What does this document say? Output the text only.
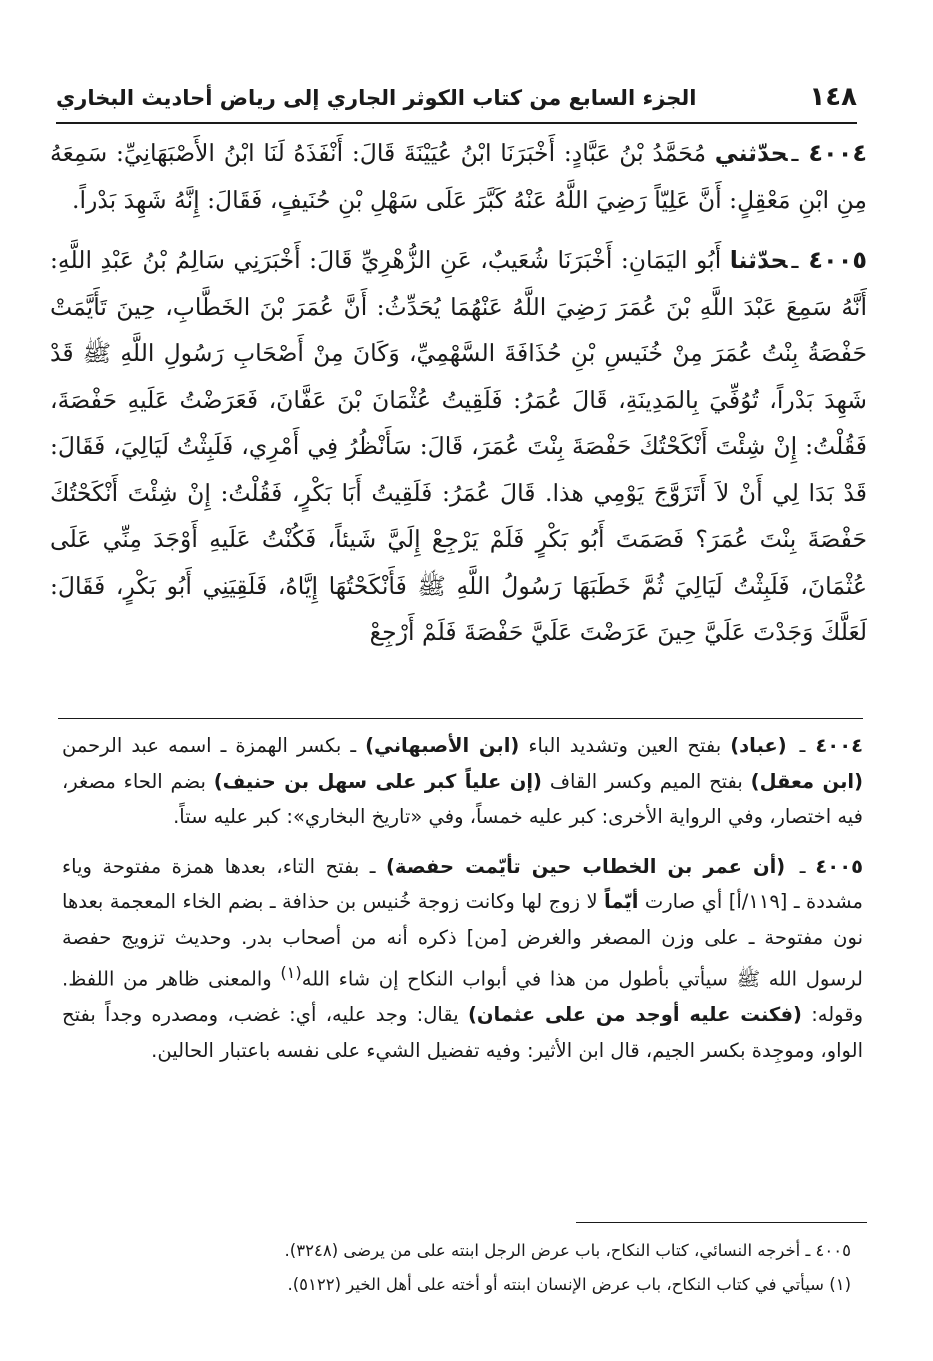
١٤٨
الجزء السابع من كتاب الكوثر الجاري إلى رياض أحاديث البخاري

٤٠٠٤ـحدّثني مُحَمَّدُ بْنُ عَبَّادٍ: أَخْبَرَنَا ابْنُ عُيَيْنَةَ قَالَ: أَنْفَذَهُ لَنَا ابْنُ الأَصْبَهَانِيِّ: سَمِعَهُ مِنِ ابْنِ مَعْقِلٍ: أَنَّ عَلِيّاً رَضِيَ اللَّهُ عَنْهُ كَبَّرَ عَلَى سَهْلِ بْنِ حُنَيفٍ، فَقَالَ: إِنَّهُ شَهِدَ بَدْراً.

٤٠٠٥ـحدّثنا أَبُو اليَمَانِ: أَخْبَرَنَا شُعَيبٌ، عَنِ الزُّهْرِيِّ قَالَ: أَخْبَرَنِي سَالِمُ بْنُ عَبْدِ اللَّهِ: أَنَّهُ سَمِعَ عَبْدَ اللَّهِ بْنَ عُمَرَ رَضِيَ اللَّهُ عَنْهُمَا يُحَدِّثُ: أَنَّ عُمَرَ بْنَ الخَطَّابِ، حِينَ تَأَيَّمَتْ حَفْصَةُ بِنْتُ عُمَرَ مِنْ خُنَيسِ بْنِ حُذَافَةَ السَّهْمِيِّ، وَكَانَ مِنْ أَصْحَابِ رَسُولِ اللَّهِ ﷺ قَدْ شَهِدَ بَدْراً، تُوُفِّيَ بِالمَدِينَةِ، قَالَ عُمَرُ: فَلَقِيتُ عُثْمَانَ بْنَ عَفَّانَ، فَعَرَضْتُ عَلَيهِ حَفْصَةَ، فَقُلْتُ: إِنْ شِئْتَ أَنْكَحْتُكَ حَفْصَةَ بِنْتَ عُمَرَ، قَالَ: سَأَنْظُرُ فِي أَمْرِي، فَلَبِثْتُ لَيَالِيَ، فَقَالَ: قَدْ بَدَا لِي أَنْ لاَ أَتَزَوَّجَ يَوْمِي هذا. قَالَ عُمَرُ: فَلَقِيتُ أَبَا بَكْرٍ، فَقُلْتُ: إِنْ شِئْتَ أَنْكَحْتُكَ حَفْصَةَ بِنْتَ عُمَرَ؟ فَصَمَتَ أَبُو بَكْرٍ فَلَمْ يَرْجِعْ إِلَيَّ شَيئاً، فَكُنْتُ عَلَيهِ أَوْجَدَ مِنِّي عَلَى عُثْمَانَ، فَلَبِثْتُ لَيَالِيَ ثُمَّ خَطَبَهَا رَسُولُ اللَّهِ ﷺ فَأَنْكَحْتُهَا إِيَّاهُ، فَلَقِيَنِي أَبُو بَكْرٍ، فَقَالَ: لَعَلَّكَ وَجَدْتَ عَلَيَّ حِينَ عَرَضْتَ عَلَيَّ حَفْصَةَ فَلَمْ أَرْجِعْ

٤٠٠٤ـ (عباد) بفتح العين وتشديد الباء (ابن الأصبهاني) ـ بكسر الهمزة ـ اسمه عبد الرحمن (ابن معقل) بفتح الميم وكسر القاف (إن علياً كبر على سهل بن حنيف) بضم الحاء مصغر، فيه اختصار، وفي الرواية الأخرى: كبر عليه خمساً، وفي «تاريخ البخاري»: كبر عليه ستاً.

٤٠٠٥ـ (أن عمر بن الخطاب حين تأيّمت حفصة) ـ بفتح التاء، بعدها همزة مفتوحة وياء مشددة ـ [١١٩/أ] أي صارت أيّماً لا زوج لها وكانت زوجة خُنيس بن حذافة ـ بضم الخاء المعجمة بعدها نون مفتوحة ـ على وزن المصغر والغرض [من] ذكره أنه من أصحاب بدر. وحديث تزويج حفصة لرسول الله ﷺ سيأتي بأطول من هذا في أبواب النكاح إن شاء الله$^{(١)}$ والمعنى ظاهر من اللفظ. وقوله: (فكنت عليه أوجد من على عثمان) يقال: وجد عليه، أي: غضب، ومصدره وجداً بفتح الواو، وموجِدة بكسر الجيم، قال ابن الأثير: وفيه تفضيل الشيء على نفسه باعتبار الحالين.

٤٠٠٥ ـ أخرجه النسائي، كتاب النكاح، باب عرض الرجل ابنته على من يرضى (٣٢٤٨).
(١) سيأتي في كتاب النكاح، باب عرض الإنسان ابنته أو أخته على أهل الخير (٥١٢٢).
